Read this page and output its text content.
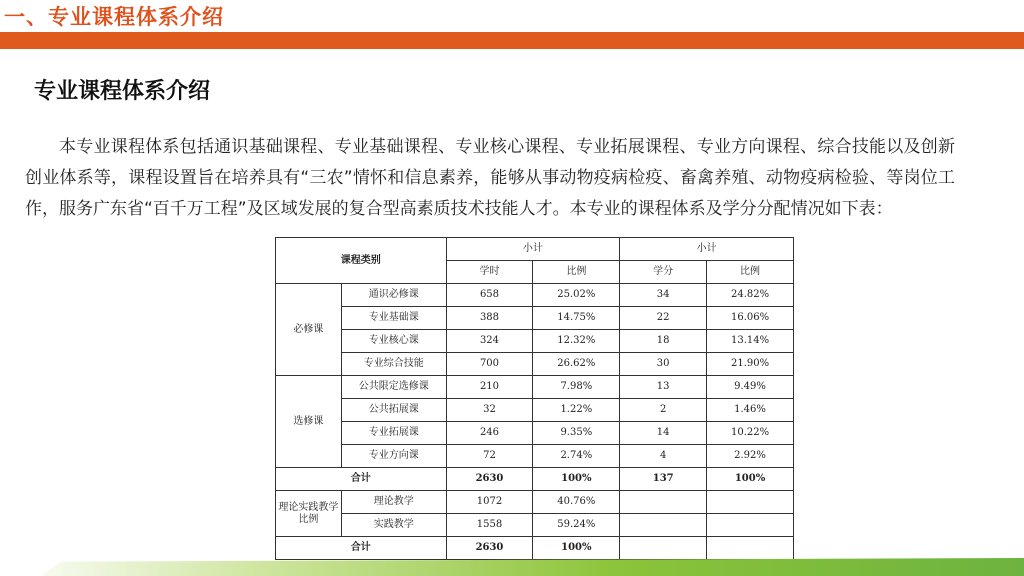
一、专业课程体系介绍
专业课程体系介绍
本专业课程体系包括通识基础课程、专业基础课程、专业核心课程、专业拓展课程、专业方向课程、综合技能以及创新创业体系等，课程设置旨在培养具有“三农”情怀和信息素养，能够从事动物疫病检疫、畜禽养殖、动物疫病检验、等岗位工作，服务广东省“百千万工程”及区域发展的复合型高素质技术技能人才。本专业的课程体系及学分分配情况如下表：
课程类别		小计		小计	
		学时	比例	学分	比例
必修课	通识必修课	658	25.02%	34	24.82%
	专业基础课	388	14.75%	22	16.06%
	专业核心课	324	12.32%	18	13.14%
	专业综合技能	700	26.62%	30	21.90%
选修课	公共限定选修课	210	7.98%	13	9.49%
	公共拓展课	32	1.22%	2	1.46%
	专业拓展课	246	9.35%	14	10.22%
	专业方向课	72	2.74%	4	2.92%
合计		2630	100%	137	100%
理论实践教学比例	理论教学	1072	40.76%		
	实践教学	1558	59.24%		
合计		2630	100%		
